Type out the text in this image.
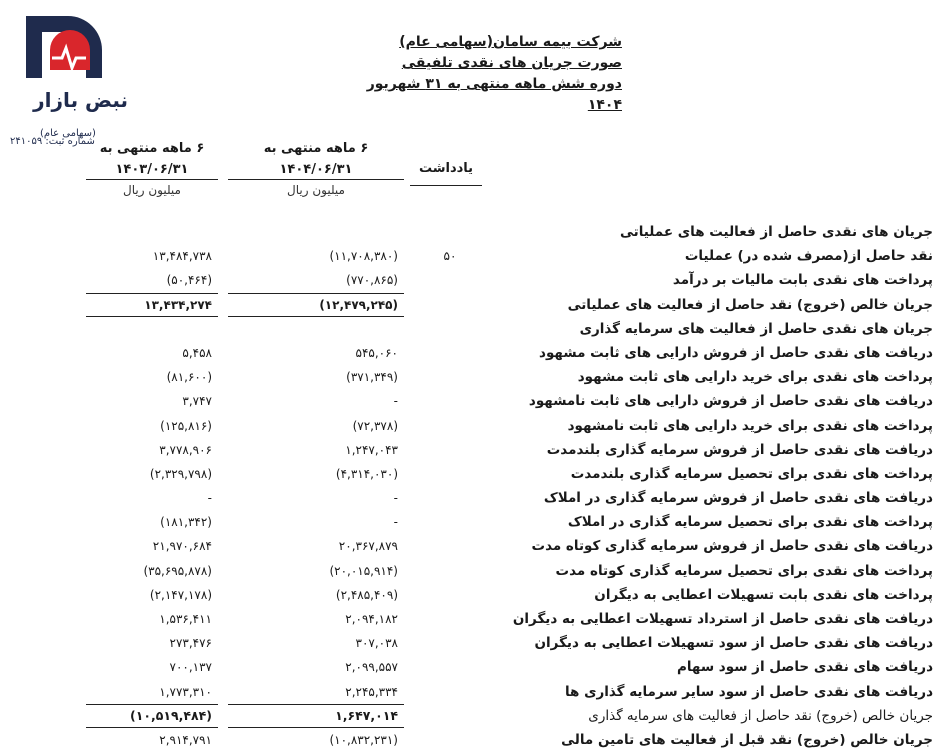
نبض بازار
(سهامی عام)
شماره ثبت: ۲۴۱۰۵۹
شرکت بیمه سامان(سهامی عام)
صورت جریان های نقدی تلفیقی
دوره شش ماهه منتهی به ۳۱ شهریور ۱۴۰۴
۶ ماهه منتهی به
۱۴۰۳/۰۶/۳۱
میلیون ریال
۶ ماهه منتهی به
۱۴۰۴/۰۶/۳۱
میلیون ریال
یادداشت
جریان های نقدی حاصل از فعالیت های عملیاتی
نقد حاصل از(مصرف شده در) عملیات
۵۰
(۱۱,۷۰۸,۳۸۰)
۱۳,۴۸۴,۷۳۸
پرداخت های نقدی بابت مالیات بر درآمد
(۷۷۰,۸۶۵)
(۵۰,۴۶۴)
جریان خالص (خروج) نقد حاصل از فعالیت های عملیاتی
(۱۲,۴۷۹,۲۴۵)
۱۳,۴۳۴,۲۷۴
جریان های نقدی حاصل از فعالیت های سرمایه گذاری
دریافت های نقدی حاصل از فروش دارایی های ثابت مشهود
۵۴۵,۰۶۰
۵,۴۵۸
پرداخت های نقدی برای خرید دارایی های ثابت مشهود
(۳۷۱,۳۴۹)
(۸۱,۶۰۰)
دریافت های نقدی حاصل از فروش دارایی های ثابت نامشهود
-
۳,۷۴۷
پرداخت های نقدی برای خرید دارایی های ثابت نامشهود
(۷۲,۳۷۸)
(۱۲۵,۸۱۶)
دریافت های نقدی حاصل از فروش سرمایه گذاری بلندمدت
۱,۲۴۷,۰۴۳
۳,۷۷۸,۹۰۶
پرداخت های نقدی برای تحصیل سرمایه گذاری بلندمدت
(۴,۳۱۴,۰۳۰)
(۲,۳۲۹,۷۹۸)
دریافت های نقدی حاصل از فروش سرمایه گذاری در املاک
-
-
پرداخت های نقدی برای تحصیل سرمایه گذاری در املاک
-
(۱۸۱,۳۴۲)
دریافت های نقدی حاصل از فروش سرمایه گذاری کوتاه مدت
۲۰,۳۶۷,۸۷۹
۲۱,۹۷۰,۶۸۴
پرداخت های نقدی برای تحصیل سرمایه گذاری کوتاه مدت
(۲۰,۰۱۵,۹۱۴)
(۳۵,۶۹۵,۸۷۸)
پرداخت های نقدی بابت تسهیلات اعطایی به دیگران
(۲,۴۸۵,۴۰۹)
(۲,۱۴۷,۱۷۸)
دریافت های نقدی حاصل از استرداد تسهیلات اعطایی به دیگران
۲,۰۹۴,۱۸۲
۱,۵۳۶,۴۱۱
دریافت های نقدی حاصل از سود تسهیلات اعطایی به دیگران
۳۰۷,۰۳۸
۲۷۳,۴۷۶
دریافت های نقدی حاصل از سود سهام
۲,۰۹۹,۵۵۷
۷۰۰,۱۳۷
دریافت های نقدی حاصل از سود سایر سرمایه گذاری ها
۲,۲۴۵,۳۳۴
۱,۷۷۳,۳۱۰
جریان خالص (خروج) نقد حاصل از فعالیت های سرمایه گذاری
۱,۶۴۷,۰۱۴
(۱۰,۵۱۹,۴۸۴)
جریان خالص (خروج) نقد قبل از فعالیت های تامین مالی
(۱۰,۸۳۲,۲۳۱)
۲,۹۱۴,۷۹۱
